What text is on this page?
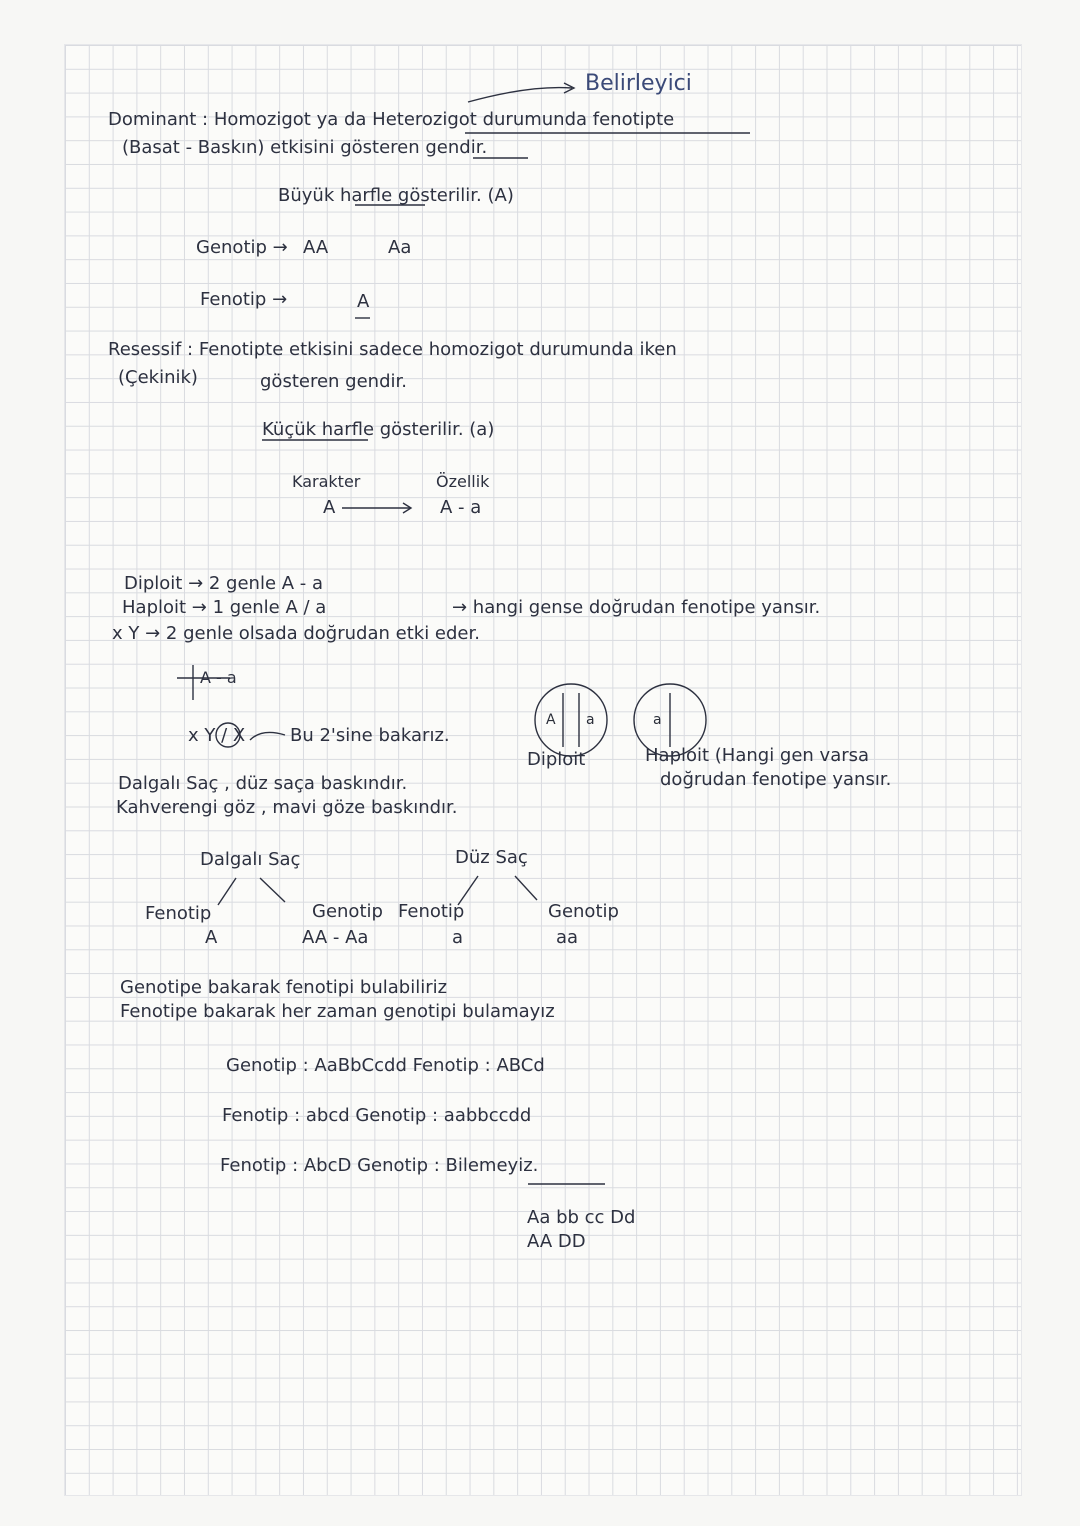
Belirleyici
Dominant : Homozigot ya da Heterozigot durumunda fenotipte
(Basat - Baskın) etkisini gösteren gendir.
Büyük harfle gösterilir. (A)
Genotip → AA	Aa
Fenotip →	A
Resessif : Fenotipte etkisini sadece homozigot durumunda iken
(Çekinik)	gösteren gendir.
Küçük harfle gösterilir. (a)
Karakter	Özellik
A	A - a
Diploit → 2 genle A - a
Haploit → 1 genle A / a	→ hangi gense doğrudan fenotipe yansır.
x Y → 2 genle olsada doğrudan etki eder.
A - a
x Y / X Bu 2'sine bakarız.
A a	a
Diploit	Haploit (Hangi gen varsa
doğrudan fenotipe yansır.
Dalgalı Saç , düz saça baskındır.
Kahverengi göz , mavi göze baskındır.
Dalgalı Saç	Düz Saç
Fenotip
A
Genotip
AA - Aa
Fenotip
a
Genotip
aa
Genotipe bakarak fenotipi bulabiliriz
Fenotipe bakarak her zaman genotipi bulamayız
Genotip : AaBbCcdd Fenotip : ABCd
Fenotip : abcd Genotip : aabbccdd
Fenotip : AbcD Genotip : Bilemeyiz.
Aa bb cc Dd
AA DD
